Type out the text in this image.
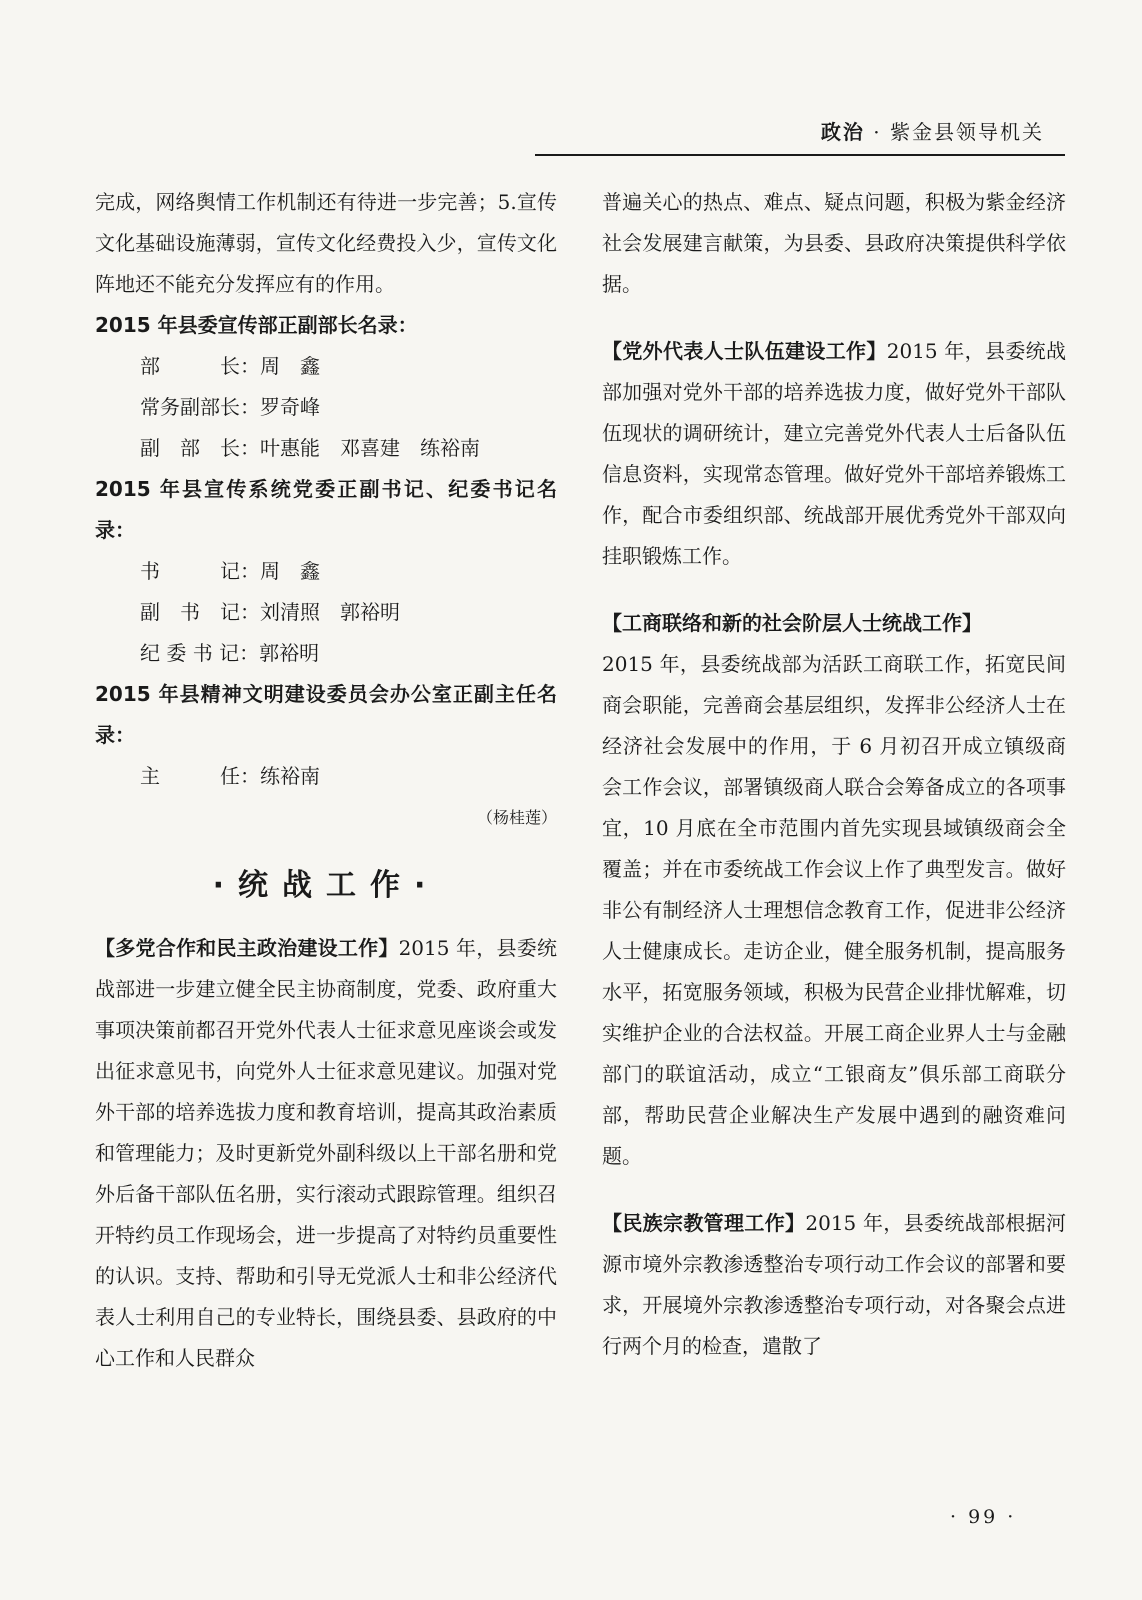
政治 · 紫金县领导机关

完成，网络舆情工作机制还有待进一步完善；5.宣传文化基础设施薄弱，宣传文化经费投入少，宣传文化阵地还不能充分发挥应有的作用。

2015 年县委宣传部正副部长名录：

部　　　长：周　鑫

常务副部长：罗奇峰

副　部　长：叶惠能　邓喜建　练裕南

2015 年县宣传系统党委正副书记、纪委书记名录：

书　　　记：周　鑫

副　书　记：刘清照　郭裕明

纪 委 书 记：郭裕明

2015 年县精神文明建设委员会办公室正副主任名录：

主　　　任：练裕南

（杨桂莲）

·统战工作·

【多党合作和民主政治建设工作】2015 年，县委统战部进一步建立健全民主协商制度，党委、政府重大事项决策前都召开党外代表人士征求意见座谈会或发出征求意见书，向党外人士征求意见建议。加强对党外干部的培养选拔力度和教育培训，提高其政治素质和管理能力；及时更新党外副科级以上干部名册和党外后备干部队伍名册，实行滚动式跟踪管理。组织召开特约员工作现场会，进一步提高了对特约员重要性的认识。支持、帮助和引导无党派人士和非公经济代表人士利用自己的专业特长，围绕县委、县政府的中心工作和人民群众

普遍关心的热点、难点、疑点问题，积极为紫金经济社会发展建言献策，为县委、县政府决策提供科学依据。

【党外代表人士队伍建设工作】2015 年，县委统战部加强对党外干部的培养选拔力度，做好党外干部队伍现状的调研统计，建立完善党外代表人士后备队伍信息资料，实现常态管理。做好党外干部培养锻炼工作，配合市委组织部、统战部开展优秀党外干部双向挂职锻炼工作。

【工商联络和新的社会阶层人士统战工作】

2015 年，县委统战部为活跃工商联工作，拓宽民间商会职能，完善商会基层组织，发挥非公经济人士在经济社会发展中的作用，于 6 月初召开成立镇级商会工作会议，部署镇级商人联合会筹备成立的各项事宜，10 月底在全市范围内首先实现县域镇级商会全覆盖；并在市委统战工作会议上作了典型发言。做好非公有制经济人士理想信念教育工作，促进非公经济人士健康成长。走访企业，健全服务机制，提高服务水平，拓宽服务领域，积极为民营企业排忧解难，切实维护企业的合法权益。开展工商企业界人士与金融部门的联谊活动，成立“工银商友”俱乐部工商联分部，帮助民营企业解决生产发展中遇到的融资难问题。

【民族宗教管理工作】2015 年，县委统战部根据河源市境外宗教渗透整治专项行动工作会议的部署和要求，开展境外宗教渗透整治专项行动，对各聚会点进行两个月的检查，遣散了

· 99 ·
